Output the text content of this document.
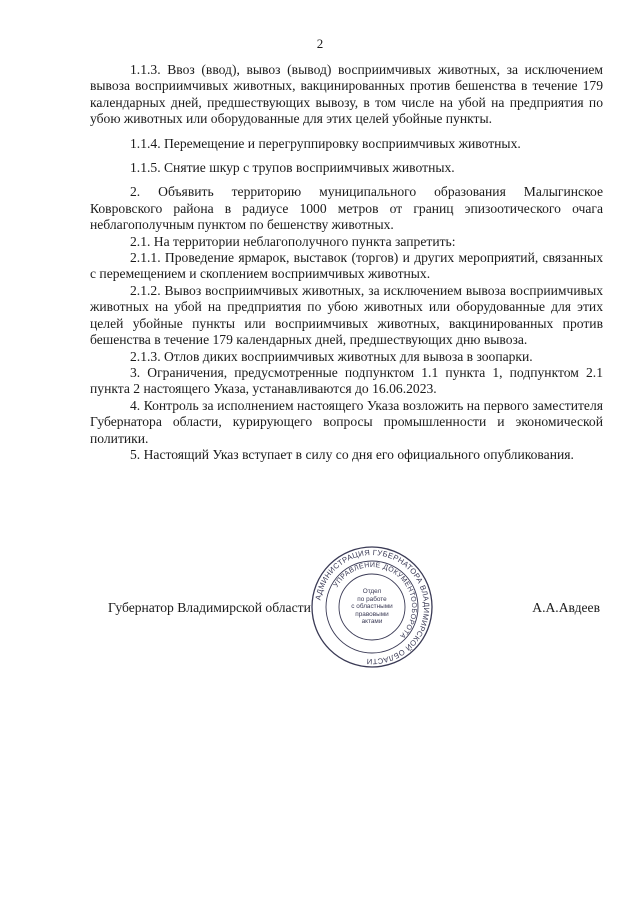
2

1.1.3. Ввоз (ввод), вывоз (вывод) восприимчивых животных, за исключением вывоза восприимчивых животных, вакцинированных против бешенства в течение 179 календарных дней, предшествующих вывозу, в том числе на убой на предприятия по убою животных или оборудованные для этих целей убойные пункты.

1.1.4. Перемещение и перегруппировку восприимчивых животных.

1.1.5. Снятие шкур с трупов восприимчивых животных.

2. Объявить территорию муниципального образования Малыгинское Ковровского района в радиусе 1000 метров от границ эпизоотического очага неблагополучным пунктом по бешенству животных.

2.1. На территории неблагополучного пункта запретить:

2.1.1. Проведение ярмарок, выставок (торгов) и других мероприятий, связанных с перемещением и скоплением восприимчивых животных.

2.1.2. Вывоз восприимчивых животных, за исключением вывоза восприимчивых животных на убой на предприятия по убою животных или оборудованные для этих целей убойные пункты или восприимчивых животных, вакцинированных против бешенства в течение 179 календарных дней, предшествующих дню вывоза.

2.1.3. Отлов диких восприимчивых животных для вывоза в зоопарки.

3. Ограничения, предусмотренные подпунктом 1.1 пункта 1, подпунктом 2.1 пункта 2 настоящего Указа, устанавливаются до 16.06.2023.

4. Контроль за исполнением настоящего Указа возложить на первого заместителя Губернатора области, курирующего вопросы промышленности и экономической политики.

5. Настоящий Указ вступает в силу со дня его официального опубликования.

Губернатор Владимирской области	А.А.Авдеев
АДМИНИСТРАЦИЯ ГУБЕРНАТОРА ВЛАДИМИРСКОЙ ОБЛАСТИ
УПРАВЛЕНИЕ ДОКУМЕНТООБОРОТА
Отдел
по работе
с областными
правовыми
актами
